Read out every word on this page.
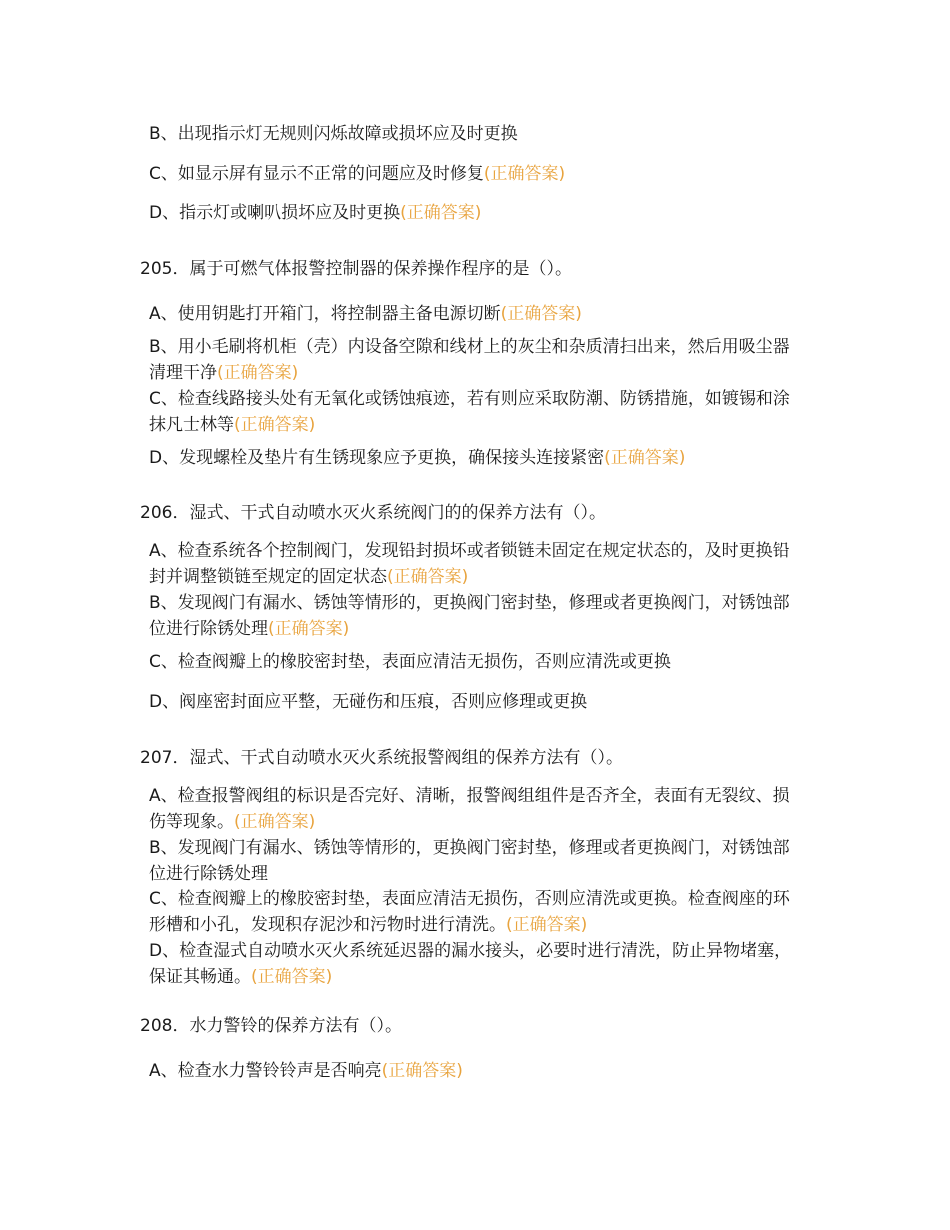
B、出现指示灯无规则闪烁故障或损坏应及时更换
C、如显示屏有显示不正常的问题应及时修复(正确答案)
D、指示灯或喇叭损坏应及时更换(正确答案)
205．属于可燃气体报警控制器的保养操作程序的是（）。
A、使用钥匙打开箱门，将控制器主备电源切断(正确答案)
B、用小毛刷将机柜（壳）内设备空隙和线材上的灰尘和杂质清扫出来，然后用吸尘器清理干净(正确答案)
C、检查线路接头处有无氧化或锈蚀痕迹，若有则应采取防潮、防锈措施，如镀锡和涂抹凡士林等(正确答案)
D、发现螺栓及垫片有生锈现象应予更换，确保接头连接紧密(正确答案)
206．湿式、干式自动喷水灭火系统阀门的的保养方法有（）。
A、检查系统各个控制阀门，发现铅封损坏或者锁链未固定在规定状态的，及时更换铅封并调整锁链至规定的固定状态(正确答案)
B、发现阀门有漏水、锈蚀等情形的，更换阀门密封垫，修理或者更换阀门，对锈蚀部位进行除锈处理(正确答案)
C、检查阀瓣上的橡胶密封垫，表面应清洁无损伤，否则应清洗或更换
D、阀座密封面应平整，无碰伤和压痕，否则应修理或更换
207．湿式、干式自动喷水灭火系统报警阀组的保养方法有（）。
A、检查报警阀组的标识是否完好、清晰，报警阀组组件是否齐全，表面有无裂纹、损伤等现象。(正确答案)
B、发现阀门有漏水、锈蚀等情形的，更换阀门密封垫，修理或者更换阀门，对锈蚀部位进行除锈处理
C、检查阀瓣上的橡胶密封垫，表面应清洁无损伤，否则应清洗或更换。检查阀座的环形槽和小孔，发现积存泥沙和污物时进行清洗。(正确答案)
D、检查湿式自动喷水灭火系统延迟器的漏水接头，必要时进行清洗，防止异物堵塞，保证其畅通。(正确答案)
208．水力警铃的保养方法有（）。
A、检查水力警铃铃声是否响亮(正确答案)
